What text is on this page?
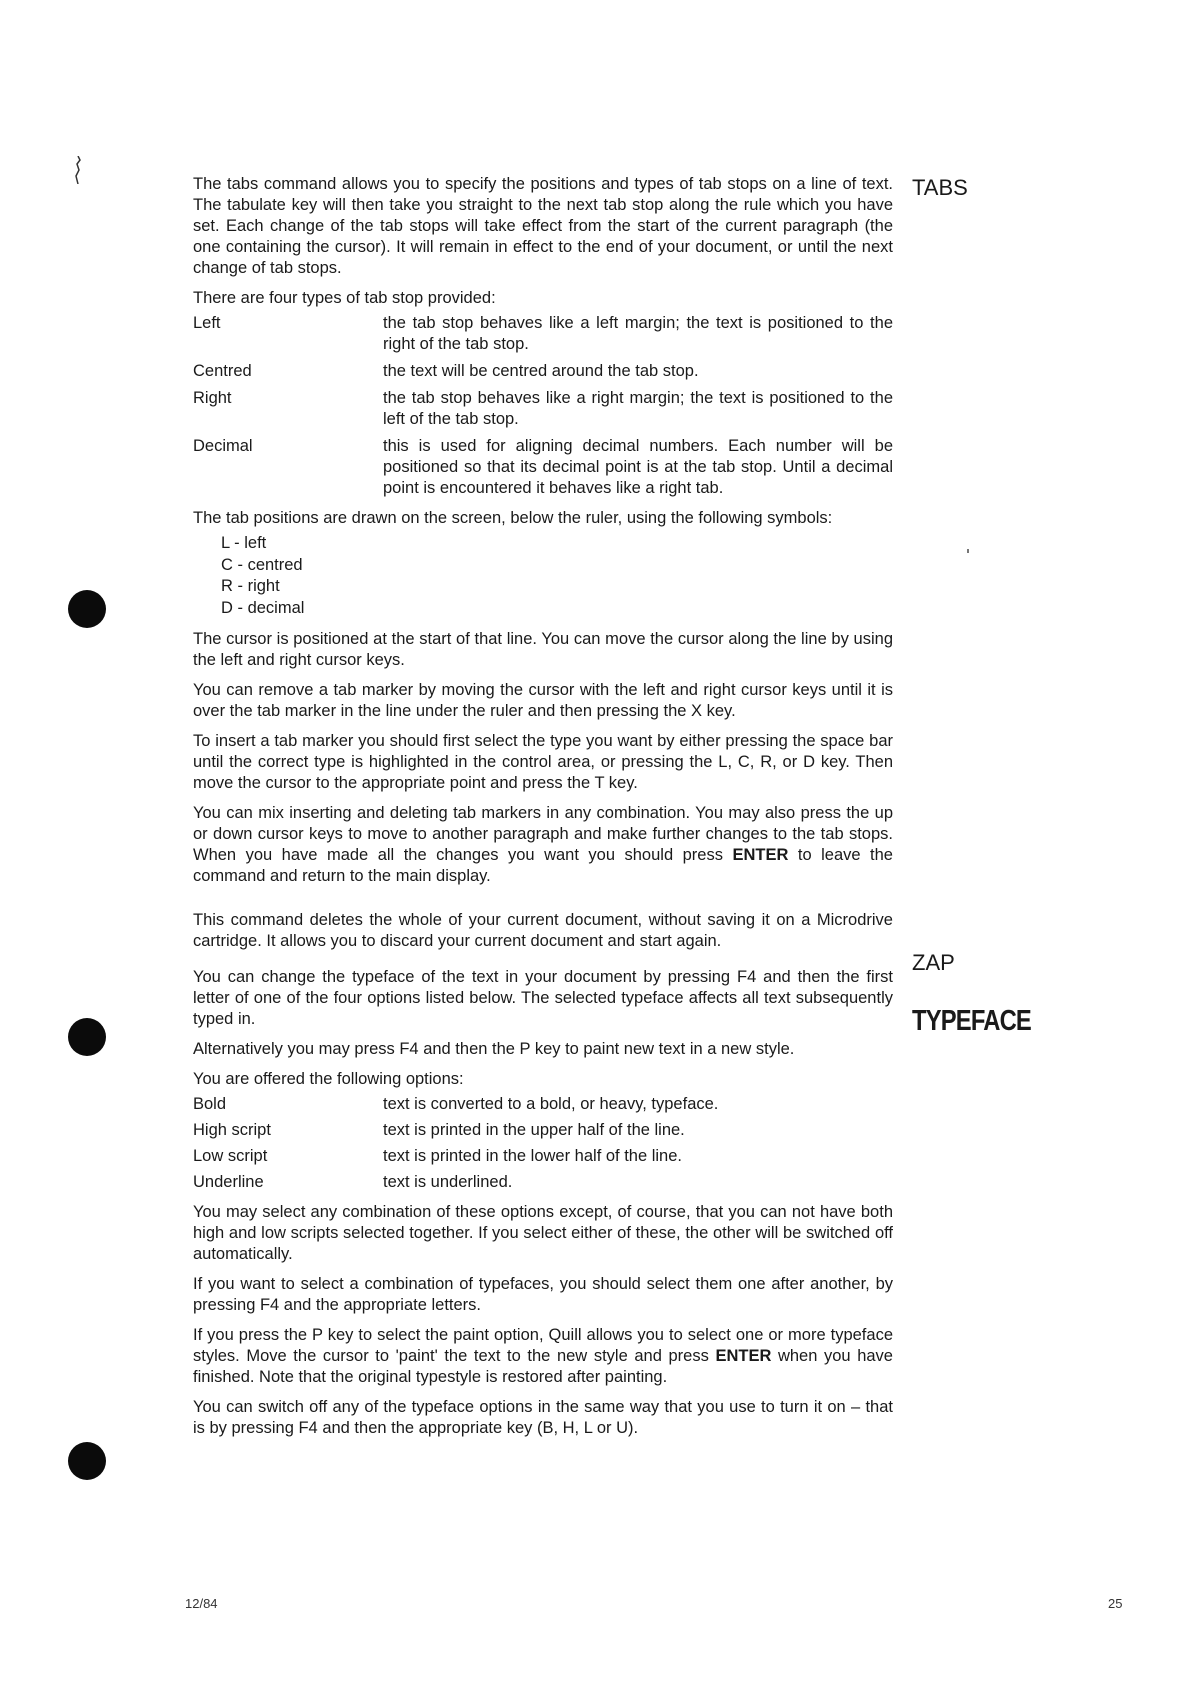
TABS
ZAP
TYPEFACE

The tabs command allows you to specify the positions and types of tab stops on a line of text. The tabulate key will then take you straight to the next tab stop along the rule which you have set. Each change of the tab stops will take effect from the start of the current paragraph (the one containing the cursor). It will remain in effect to the end of your document, or until the next change of tab stops.

There are four types of tab stop provided:

Left	the tab stop behaves like a left margin; the text is positioned to the right of the tab stop.
Centred	the text will be centred around the tab stop.
Right	the tab stop behaves like a right margin; the text is positioned to the left of the tab stop.
Decimal	this is used for aligning decimal numbers. Each number will be positioned so that its decimal point is at the tab stop. Until a decimal point is encountered it behaves like a right tab.

The tab positions are drawn on the screen, below the ruler, using the following symbols:

L - left
C - centred
R - right
D - decimal

The cursor is positioned at the start of that line. You can move the cursor along the line by using the left and right cursor keys.

You can remove a tab marker by moving the cursor with the left and right cursor keys until it is over the tab marker in the line under the ruler and then pressing the X key.

To insert a tab marker you should first select the type you want by either pressing the space bar until the correct type is highlighted in the control area, or pressing the L, C, R, or D key. Then move the cursor to the appropriate point and press the T key.

You can mix inserting and deleting tab markers in any combination. You may also press the up or down cursor keys to move to another paragraph and make further changes to the tab stops. When you have made all the changes you want you should press ENTER to leave the command and return to the main display.

This command deletes the whole of your current document, without saving it on a Microdrive cartridge. It allows you to discard your current document and start again.

You can change the typeface of the text in your document by pressing F4 and then the first letter of one of the four options listed below. The selected typeface affects all text subsequently typed in.

Alternatively you may press F4 and then the P key to paint new text in a new style.

You are offered the following options:

Bold	text is converted to a bold, or heavy, typeface.
High script	text is printed in the upper half of the line.
Low script	text is printed in the lower half of the line.
Underline	text is underlined.

You may select any combination of these options except, of course, that you can not have both high and low scripts selected together. If you select either of these, the other will be switched off automatically.

If you want to select a combination of typefaces, you should select them one after another, by pressing F4 and the appropriate letters.

If you press the P key to select the paint option, Quill allows you to select one or more typeface styles. Move the cursor to 'paint' the text to the new style and press ENTER when you have finished. Note that the original typestyle is restored after painting.

You can switch off any of the typeface options in the same way that you use to turn it on – that is by pressing F4 and then the appropriate key (B, H, L or U).

12/84	25
